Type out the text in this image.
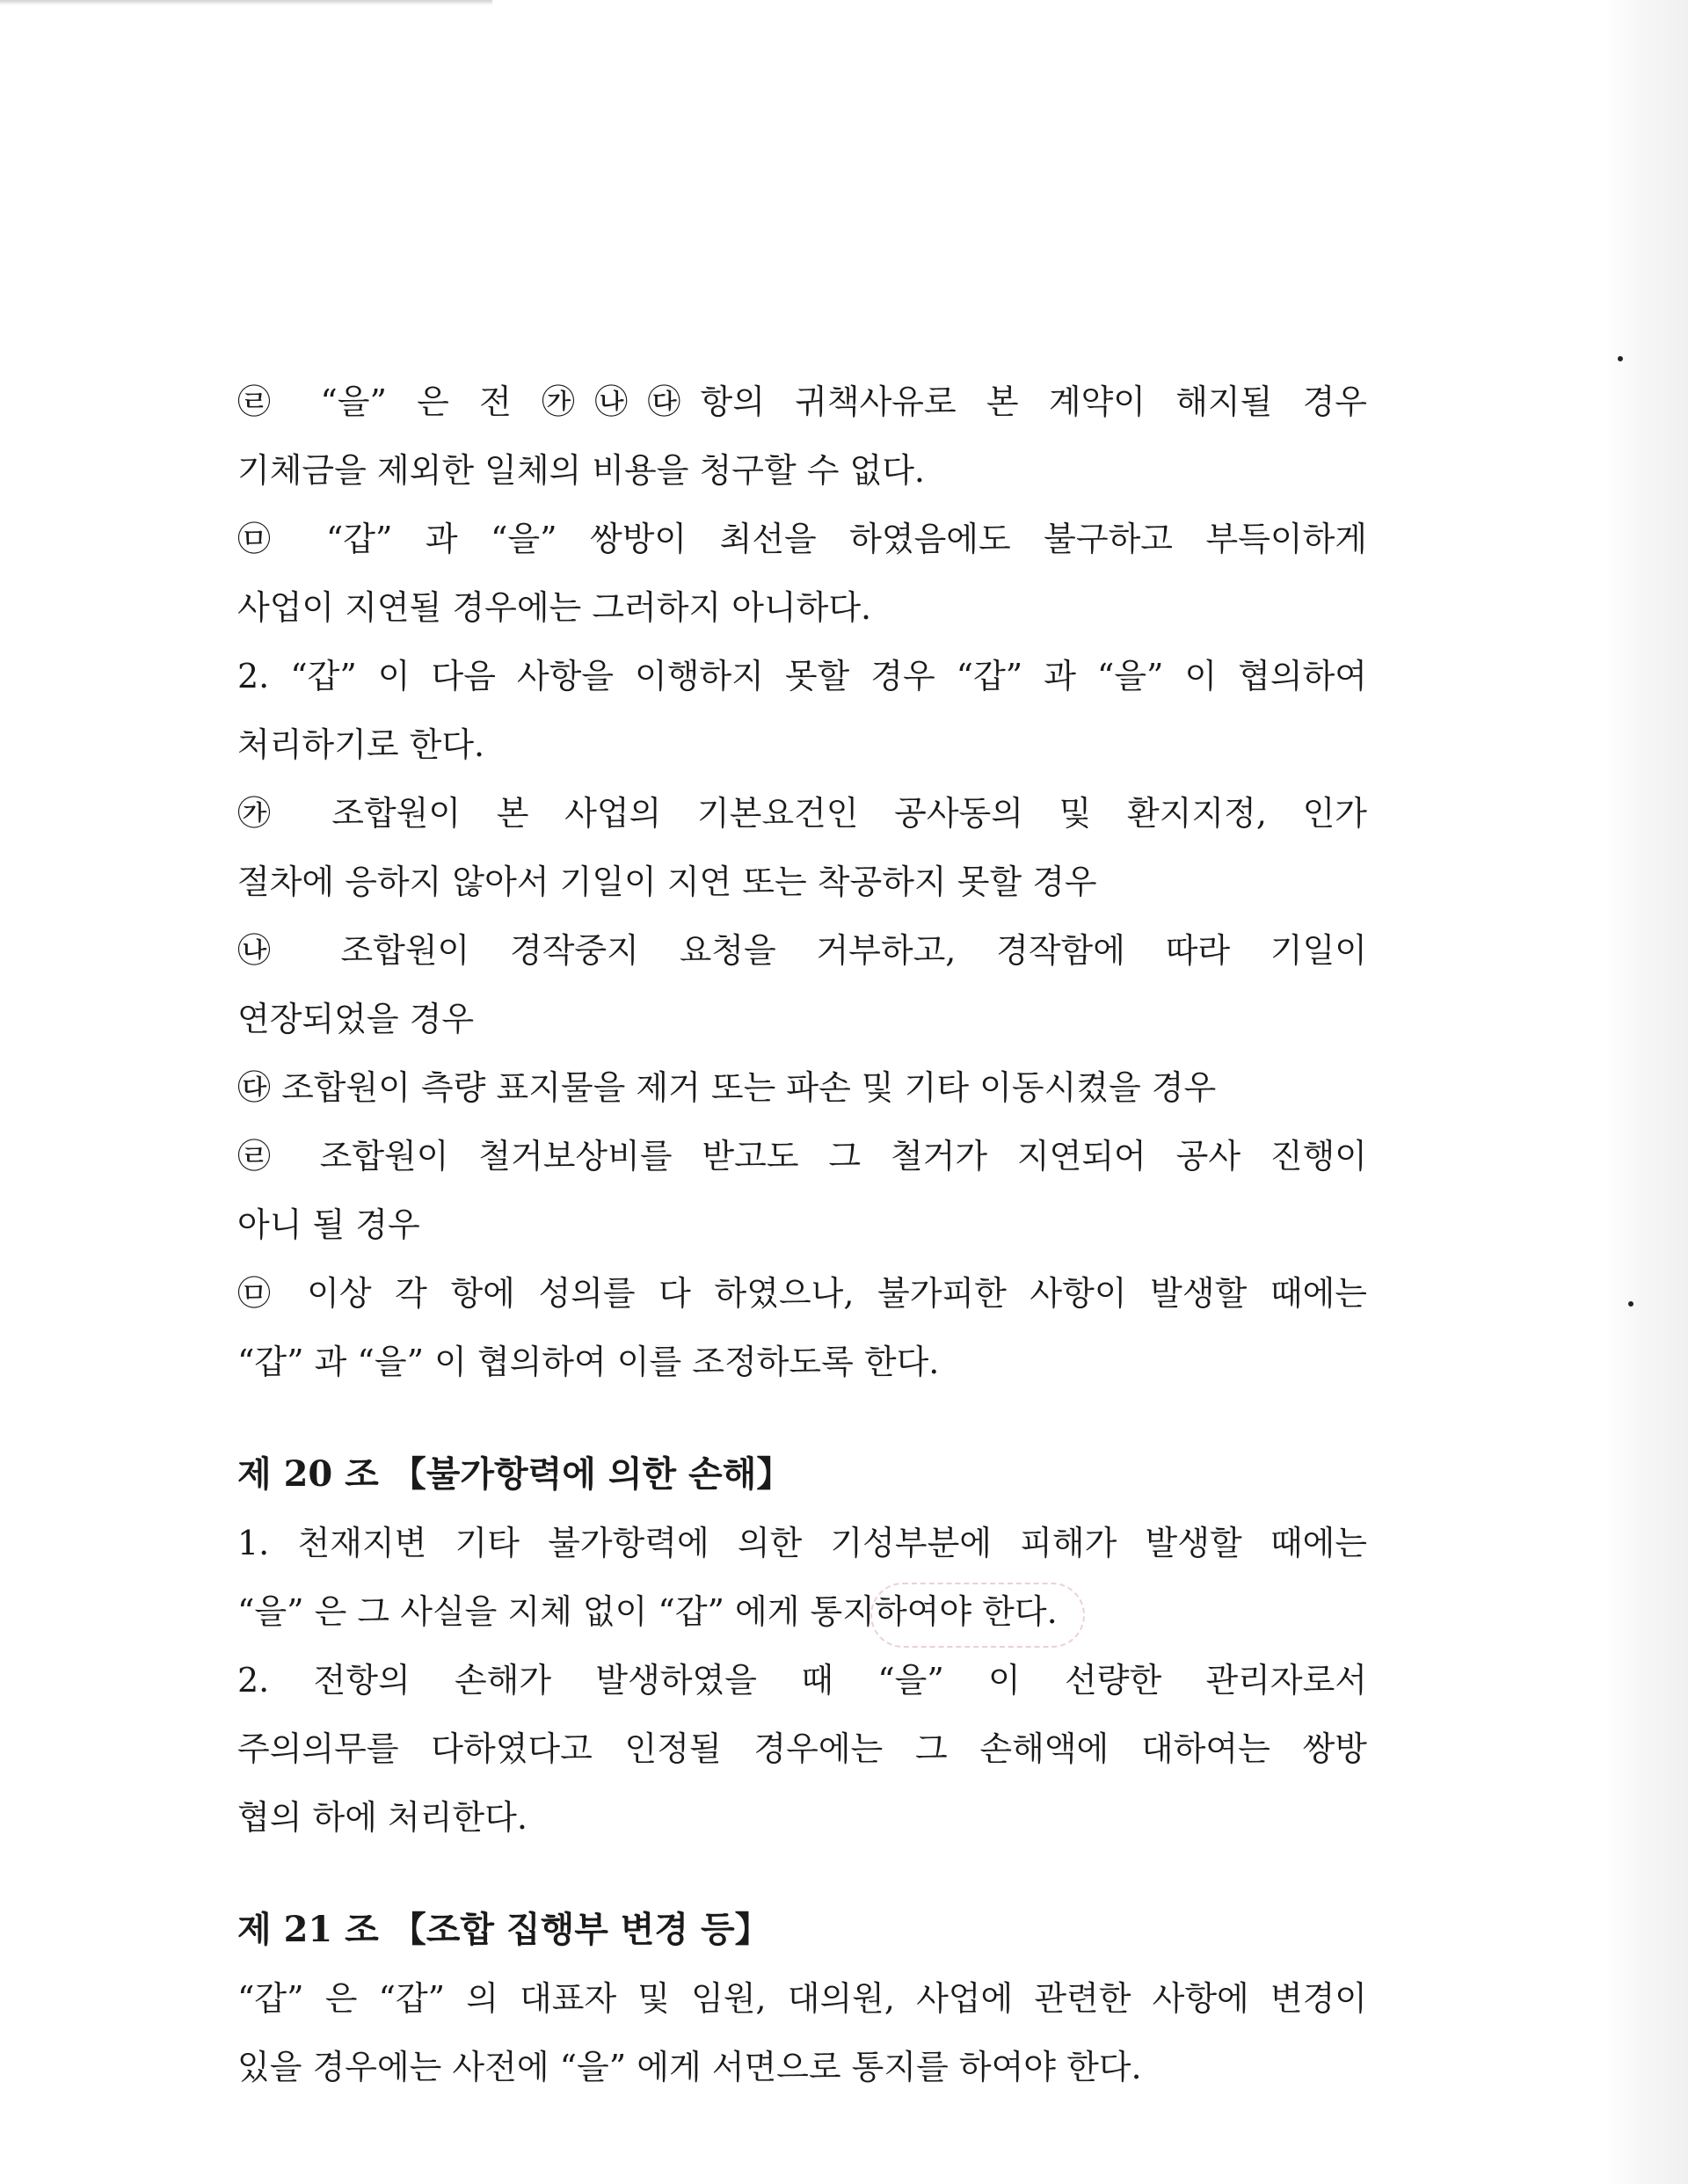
㉣ “을” 은 전 ㉮㉯㉰항의 귀책사유로 본 계약이 해지될 경우
기체금을 제외한 일체의 비용을 청구할 수 없다.
㉤ “갑” 과 “을” 쌍방이 최선을 하였음에도 불구하고 부득이하게
사업이 지연될 경우에는 그러하지 아니하다.
2. “갑” 이 다음 사항을 이행하지 못할 경우 “갑” 과 “을” 이 협의하여
처리하기로 한다.
㉮ 조합원이 본 사업의 기본요건인 공사동의 및 환지지정, 인가
절차에 응하지 않아서 기일이 지연 또는 착공하지 못할 경우
㉯ 조합원이 경작중지 요청을 거부하고, 경작함에 따라 기일이
연장되었을 경우
㉰ 조합원이 측량 표지물을 제거 또는 파손 및 기타 이동시켰을 경우
㉣ 조합원이 철거보상비를 받고도 그 철거가 지연되어 공사 진행이
아니 될 경우
㉤ 이상 각 항에 성의를 다 하였으나, 불가피한 사항이 발생할 때에는
“갑” 과 “을” 이 협의하여 이를 조정하도록 한다.
제 20 조 【불가항력에 의한 손해】
1. 천재지변 기타 불가항력에 의한 기성부분에 피해가 발생할 때에는
“을” 은 그 사실을 지체 없이 “갑” 에게 통지하여야 한다.
2. 전항의 손해가 발생하였을 때 “을” 이 선량한 관리자로서
주의의무를 다하였다고 인정될 경우에는 그 손해액에 대하여는 쌍방
협의 하에 처리한다.
제 21 조 【조합 집행부 변경 등】
“갑” 은 “갑” 의 대표자 및 임원, 대의원, 사업에 관련한 사항에 변경이
있을 경우에는 사전에 “을” 에게 서면으로 통지를 하여야 한다.
